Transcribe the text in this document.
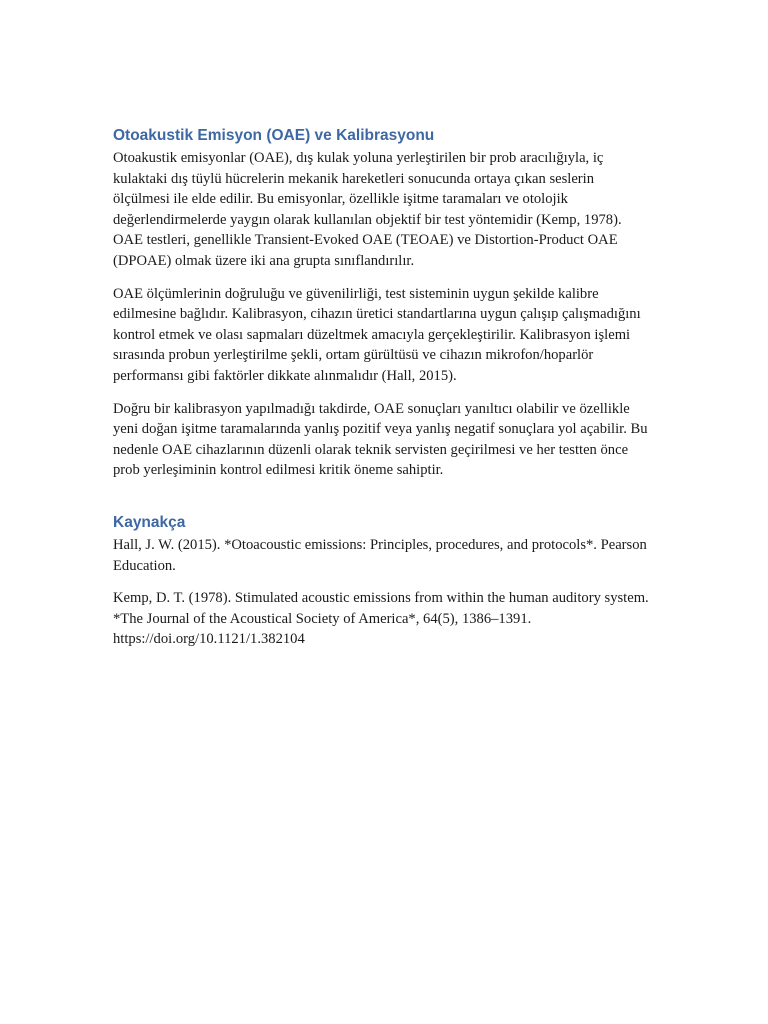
Otoakustik Emisyon (OAE) ve Kalibrasyonu

Otoakustik emisyonlar (OAE), dış kulak yoluna yerleştirilen bir prob aracılığıyla, iç kulaktaki dış tüylü hücrelerin mekanik hareketleri sonucunda ortaya çıkan seslerin ölçülmesi ile elde edilir. Bu emisyonlar, özellikle işitme taramaları ve otolojik değerlendirmelerde yaygın olarak kullanılan objektif bir test yöntemidir (Kemp, 1978). OAE testleri, genellikle Transient-Evoked OAE (TEOAE) ve Distortion-Product OAE (DPOAE) olmak üzere iki ana grupta sınıflandırılır.

OAE ölçümlerinin doğruluğu ve güvenilirliği, test sisteminin uygun şekilde kalibre edilmesine bağlıdır. Kalibrasyon, cihazın üretici standartlarına uygun çalışıp çalışmadığını kontrol etmek ve olası sapmaları düzeltmek amacıyla gerçekleştirilir. Kalibrasyon işlemi sırasında probun yerleştirilme şekli, ortam gürültüsü ve cihazın mikrofon/hoparlör performansı gibi faktörler dikkate alınmalıdır (Hall, 2015).

Doğru bir kalibrasyon yapılmadığı takdirde, OAE sonuçları yanıltıcı olabilir ve özellikle yeni doğan işitme taramalarında yanlış pozitif veya yanlış negatif sonuçlara yol açabilir. Bu nedenle OAE cihazlarının düzenli olarak teknik servisten geçirilmesi ve her testten önce prob yerleşiminin kontrol edilmesi kritik öneme sahiptir.

Kaynakça

Hall, J. W. (2015). *Otoacoustic emissions: Principles, procedures, and protocols*. Pearson Education.

Kemp, D. T. (1978). Stimulated acoustic emissions from within the human auditory system. *The Journal of the Acoustical Society of America*, 64(5), 1386–1391. https://doi.org/10.1121/1.382104
